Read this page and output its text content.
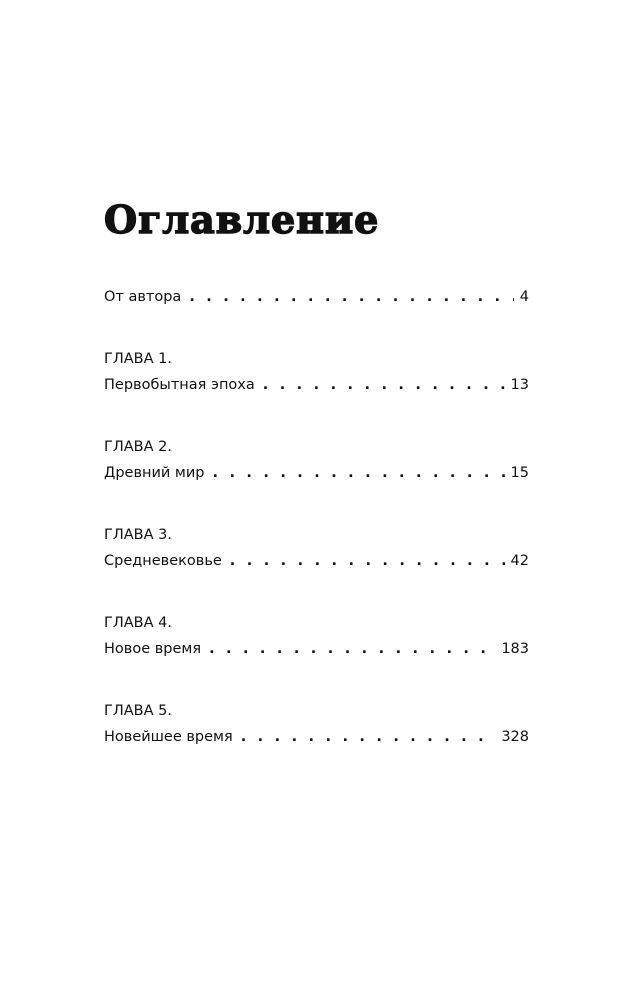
Оглавление
От автора . . .	4
ГЛАВА 1.
Первобытная эпоха . . .	13
ГЛАВА 2.
Древний мир . . .	15
ГЛАВА 3.
Средневековье . . .	42
ГЛАВА 4.
Новое время . . .	183
ГЛАВА 5.
Новейшее время . . .	328
